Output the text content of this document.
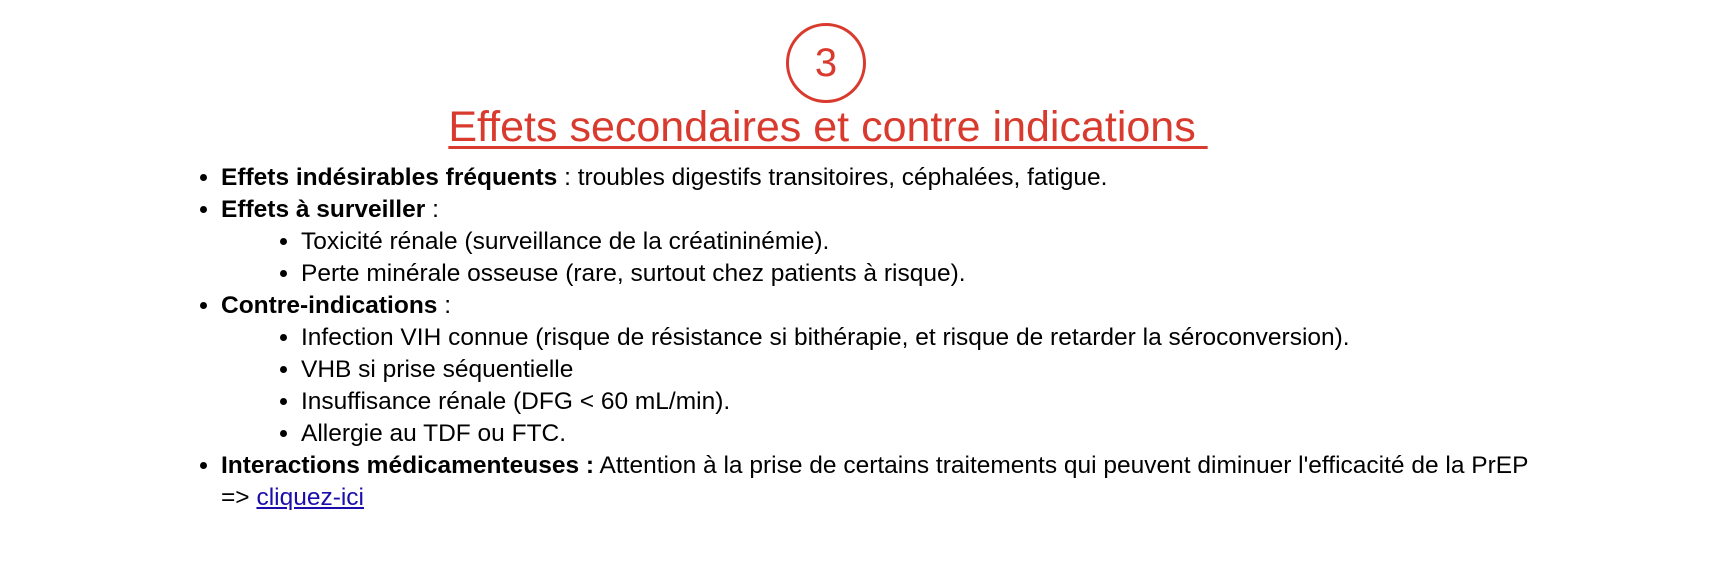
3
Effets secondaires et contre indications
• Effets indésirables fréquents : troubles digestifs transitoires, céphalées, fatigue.
• Effets à surveiller :
• Toxicité rénale (surveillance de la créatininémie).
• Perte minérale osseuse (rare, surtout chez patients à risque).
• Contre-indications :
• Infection VIH connue (risque de résistance si bithérapie, et risque de retarder la séroconversion).
• VHB si prise séquentielle
• Insuffisance rénale (DFG < 60 mL/min).
• Allergie au TDF ou FTC.
• Interactions médicamenteuses : Attention à la prise de certains traitements qui peuvent diminuer l'efficacité de la PrEP => cliquez-ici
